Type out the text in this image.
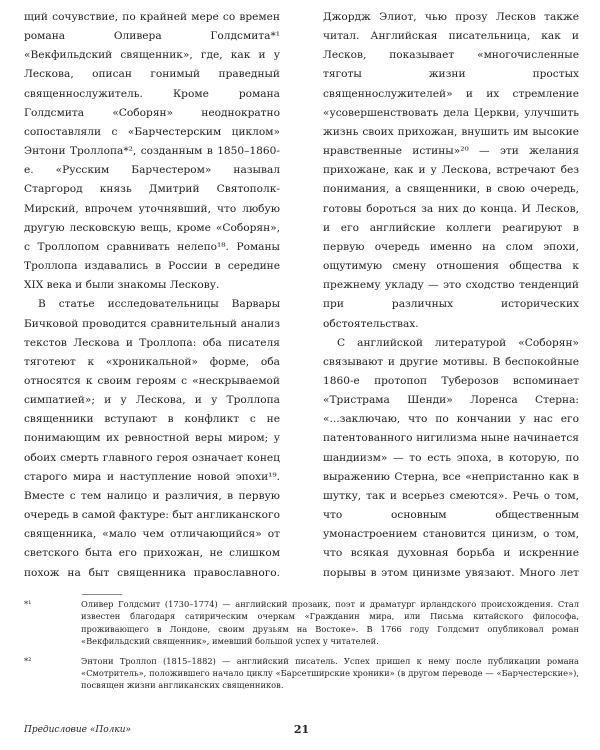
щий сочувствие, по крайней мере со времен романа Оливера Голдсмита*¹ «Векфильдский священник», где, как и у Лескова, описан гонимый праведный священнослужитель. Кроме романа Голдсмита «Соборян» неоднократно сопоставляли с «Барчестерским циклом» Энтони Троллопа*², созданным в 1850–1860-е. «Русским Барчестером» называл Старгород князь Дмитрий Святополк-Мирский, впрочем уточнявший, что любую другую лесковскую вещь, кроме «Соборян», с Троллопом сравнивать нелепо¹⁸. Романы Троллопа издавались в России в середине XIX века и были знакомы Лескову.

В статье исследовательницы Варвары Бичковой проводится сравнительный анализ текстов Лескова и Троллопа: оба писателя тяготеют к «хроникальной» форме, оба относятся к своим героям с «нескрываемой симпатией»; и у Лескова, и у Троллопа священники вступают в конфликт с не понимающим их ревностной веры миром; у обоих смерть главного героя означает конец старого мира и наступление новой эпохи¹⁹. Вместе с тем налицо и различия, в первую очередь в самой фактуре: быт англиканского священника, «мало чем отличающийся» от светского быта его прихожан, не слишком похож на быт священника православного.

Джордж Элиот, чью прозу Лесков также читал. Английская писательница, как и Лесков, показывает «многочисленные тяготы жизни простых священнослужителей» и их стремление «усовершенствовать дела Церкви, улучшить жизнь своих прихожан, внушить им высокие нравственные истины»²⁰ — эти желания прихожане, как и у Лескова, встречают без понимания, а священники, в свою очередь, готовы бороться за них до конца. И Лесков, и его английские коллеги реагируют в первую очередь именно на слом эпохи, ощутимую смену отношения общества к прежнему укладу — это сходство тенденций при различных исторических обстоятельствах.

С английской литературой «Соборян» связывают и другие мотивы. В беспокойные 1860-е протопоп Туберозов вспоминает «Тристрама Шенди» Лоренса Стерна: «...заключаю, что по кончании у нас его патентованного нигилизма ныне начинается шандиизм» — то есть эпоха, в которую, по выражению Стерна, все «непристанно как в шутку, так и всерьез смеются». Речь о том, что основным общественным умонастроением становится цинизм, о том, что всякая духовная борьба и искренние порывы в этом цинизме увязают. Много лет

*¹	Оливер Голдсмит (1730–1774) — английский прозаик, поэт и драматург ирландского происхождения. Стал известен благодаря сатирическим очеркам «Гражданин мира, или Письма китайского философа, проживающего в Лондоне, своим друзьям на Востоке». В 1766 году Голдсмит опубликовал роман «Векфильдский священник», имевший большой успех у читателей.
*²	Энтони Троллоп (1815–1882) — английский писатель. Успех пришел к нему после публикации романа «Смотритель», положившего начало циклу «Барсетширские хроники» (в другом переводе — «Барчестерские»), посвящен жизни англиканских священников.
Предисловие «Полки»	21
